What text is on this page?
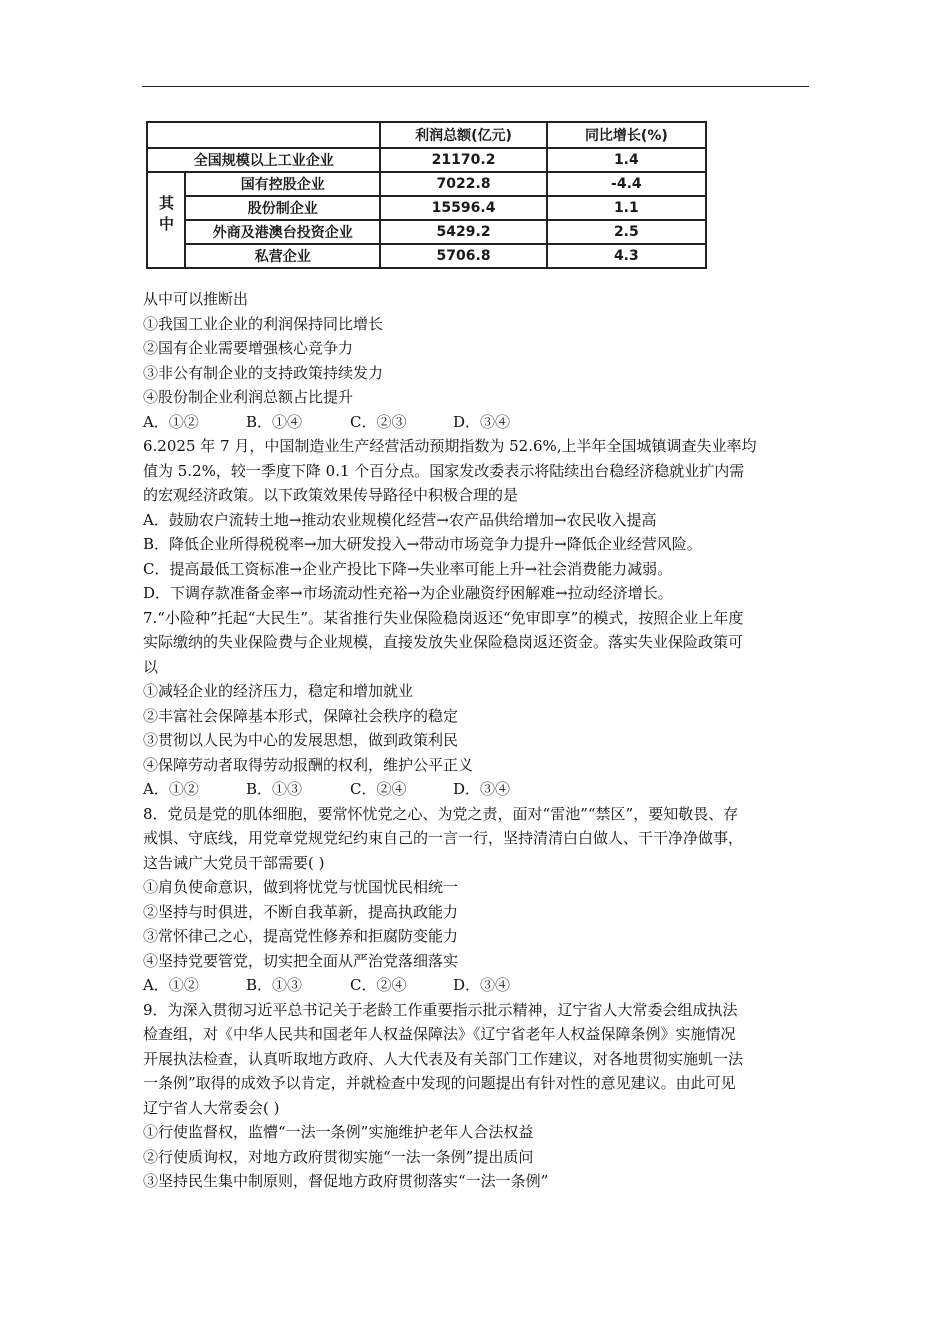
		利润总额(亿元)	同比增长(%)
全国规模以上工业企业		21170.2	1.4
其中	国有控股企业	7022.8	-4.4
	股份制企业	15596.4	1.1
	外商及港澳台投资企业	5429.2	2.5
	私营企业	5706.8	4.3
从中可以推断出
①我国工业企业的利润保持同比增长
②国有企业需要增强核心竞争力
③非公有制企业的支持政策持续发力
④股份制企业利润总额占比提升
A．①②	B．①④	C．②③	D．③④
6.2025 年 7 月，中国制造业生产经营活动预期指数为 52.6%,上半年全国城镇调查失业率均
值为 5.2%，较一季度下降 0.1 个百分点。国家发改委表示将陆续出台稳经济稳就业扩内需
的宏观经济政策。以下政策效果传导路径中积极合理的是
A．鼓励农户流转土地→推动农业规模化经营→农产品供给增加→农民收入提高
B．降低企业所得税税率→加大研发投入→带动市场竞争力提升→降低企业经营风险。
C．提高最低工资标准→企业产投比下降→失业率可能上升→社会消费能力减弱。
D．下调存款准备金率→市场流动性充裕→为企业融资纾困解难→拉动经济增长。
7.“小险种”托起“大民生”。某省推行失业保险稳岗返还“免审即享”的模式，按照企业上年度
实际缴纳的失业保险费与企业规模，直接发放失业保险稳岗返还资金。落实失业保险政策可
以
①减轻企业的经济压力，稳定和增加就业
②丰富社会保障基本形式，保障社会秩序的稳定
③贯彻以人民为中心的发展思想，做到政策利民
④保障劳动者取得劳动报酬的权利，维护公平正义
A．①②	B．①③	C．②④	D．③④
8．党员是党的肌体细胞，要常怀忧党之心、为党之责，面对“雷池”“禁区”，要知敬畏、存
戒惧、守底线，用党章党规党纪约束自己的一言一行，坚持清清白白做人、干干净净做事，
这告诫广大党员干部需要( )
①肩负使命意识，做到将忧党与忧国忧民相统一
②坚持与时俱进，不断自我革新，提高执政能力
③常怀律己之心，提高党性修养和拒腐防变能力
④坚持党要管党，切实把全面从严治党落细落实
A．①②	B．①③	C．②④	D．③④
9．为深入贯彻习近平总书记关于老龄工作重要指示批示精神，辽宁省人大常委会组成执法
检查组，对《中华人民共和国老年人权益保障法》《辽宁省老年人权益保障条例》实施情况
开展执法检查，认真听取地方政府、人大代表及有关部门工作建议，对各地贯彻实施虮一法
一条例”取得的成效予以肯定，并就检查中发现的问题提出有针对性的意见建议。由此可见
辽宁省人大常委会( )
①行使监督权，监懵“一法一条例”实施维护老年人合法权益
②行使质询权，对地方政府贯彻实施“一法一条例”提出质问
③坚持民生集中制原则，督促地方政府贯彻落实“一法一条例”
